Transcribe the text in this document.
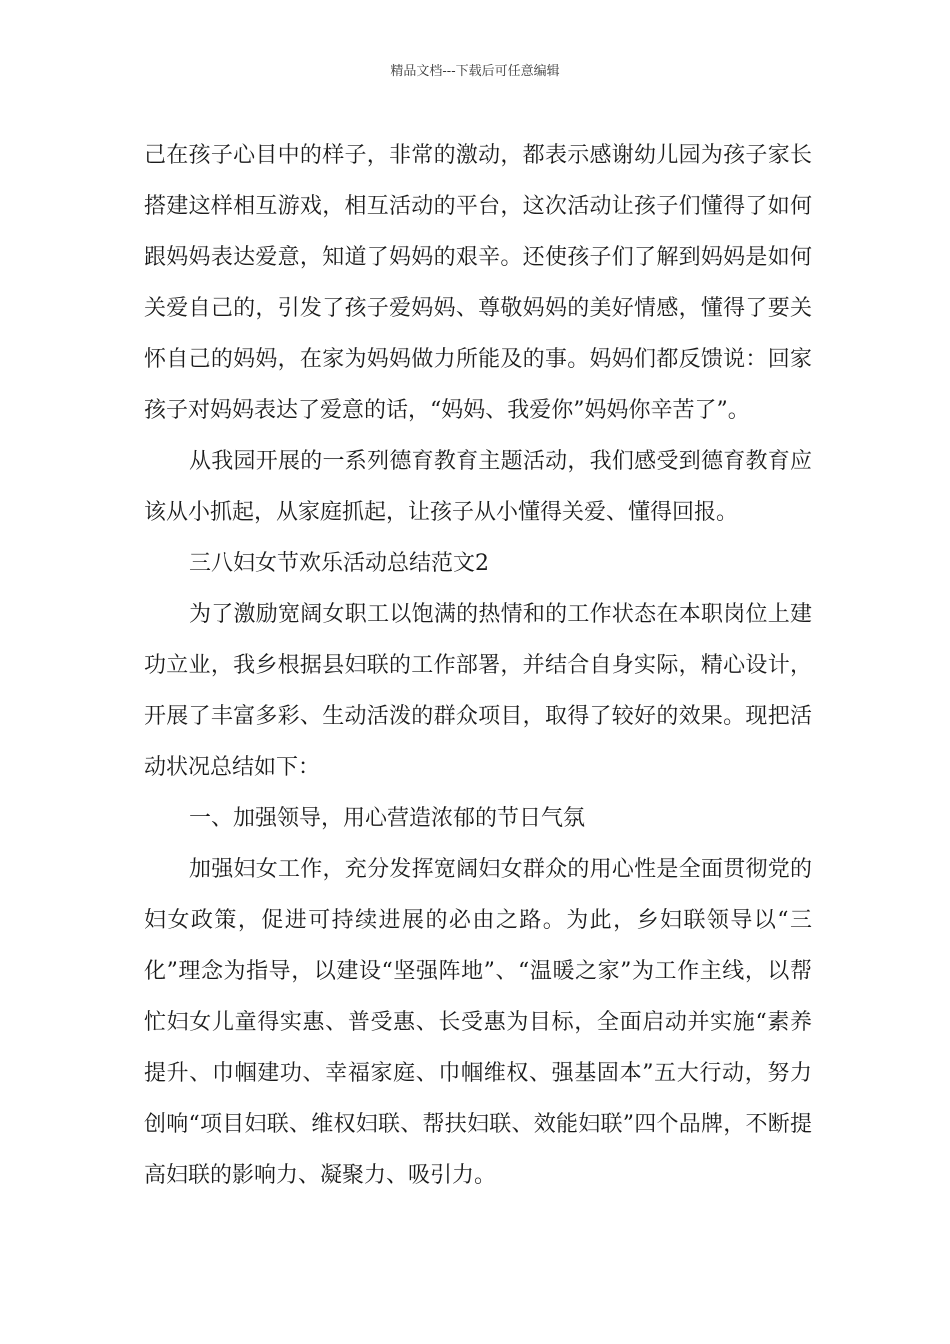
精品文档---下载后可任意编辑

己在孩子心目中的样子，非常的激动，都表示感谢幼儿园为孩子家长搭建这样相互游戏，相互活动的平台，这次活动让孩子们懂得了如何跟妈妈表达爱意，知道了妈妈的艰辛。还使孩子们了解到妈妈是如何关爱自己的，引发了孩子爱妈妈、尊敬妈妈的美好情感，懂得了要关怀自己的妈妈，在家为妈妈做力所能及的事。妈妈们都反馈说：回家孩子对妈妈表达了爱意的话，“妈妈、我爱你”妈妈你辛苦了”。

从我园开展的一系列德育教育主题活动，我们感受到德育教育应该从小抓起，从家庭抓起，让孩子从小懂得关爱、懂得回报。

三八妇女节欢乐活动总结范文2

为了激励宽阔女职工以饱满的热情和的工作状态在本职岗位上建功立业，我乡根据县妇联的工作部署，并结合自身实际，精心设计，开展了丰富多彩、生动活泼的群众项目，取得了较好的效果。现把活动状况总结如下：

一、加强领导，用心营造浓郁的节日气氛

加强妇女工作，充分发挥宽阔妇女群众的用心性是全面贯彻党的妇女政策，促进可持续进展的必由之路。为此，乡妇联领导以“三化”理念为指导，以建设“坚强阵地”、“温暖之家”为工作主线，以帮忙妇女儿童得实惠、普受惠、长受惠为目标，全面启动并实施“素养提升、巾帼建功、幸福家庭、巾帼维权、强基固本”五大行动，努力创响“项目妇联、维权妇联、帮扶妇联、效能妇联”四个品牌，不断提高妇联的影响力、凝聚力、吸引力。
